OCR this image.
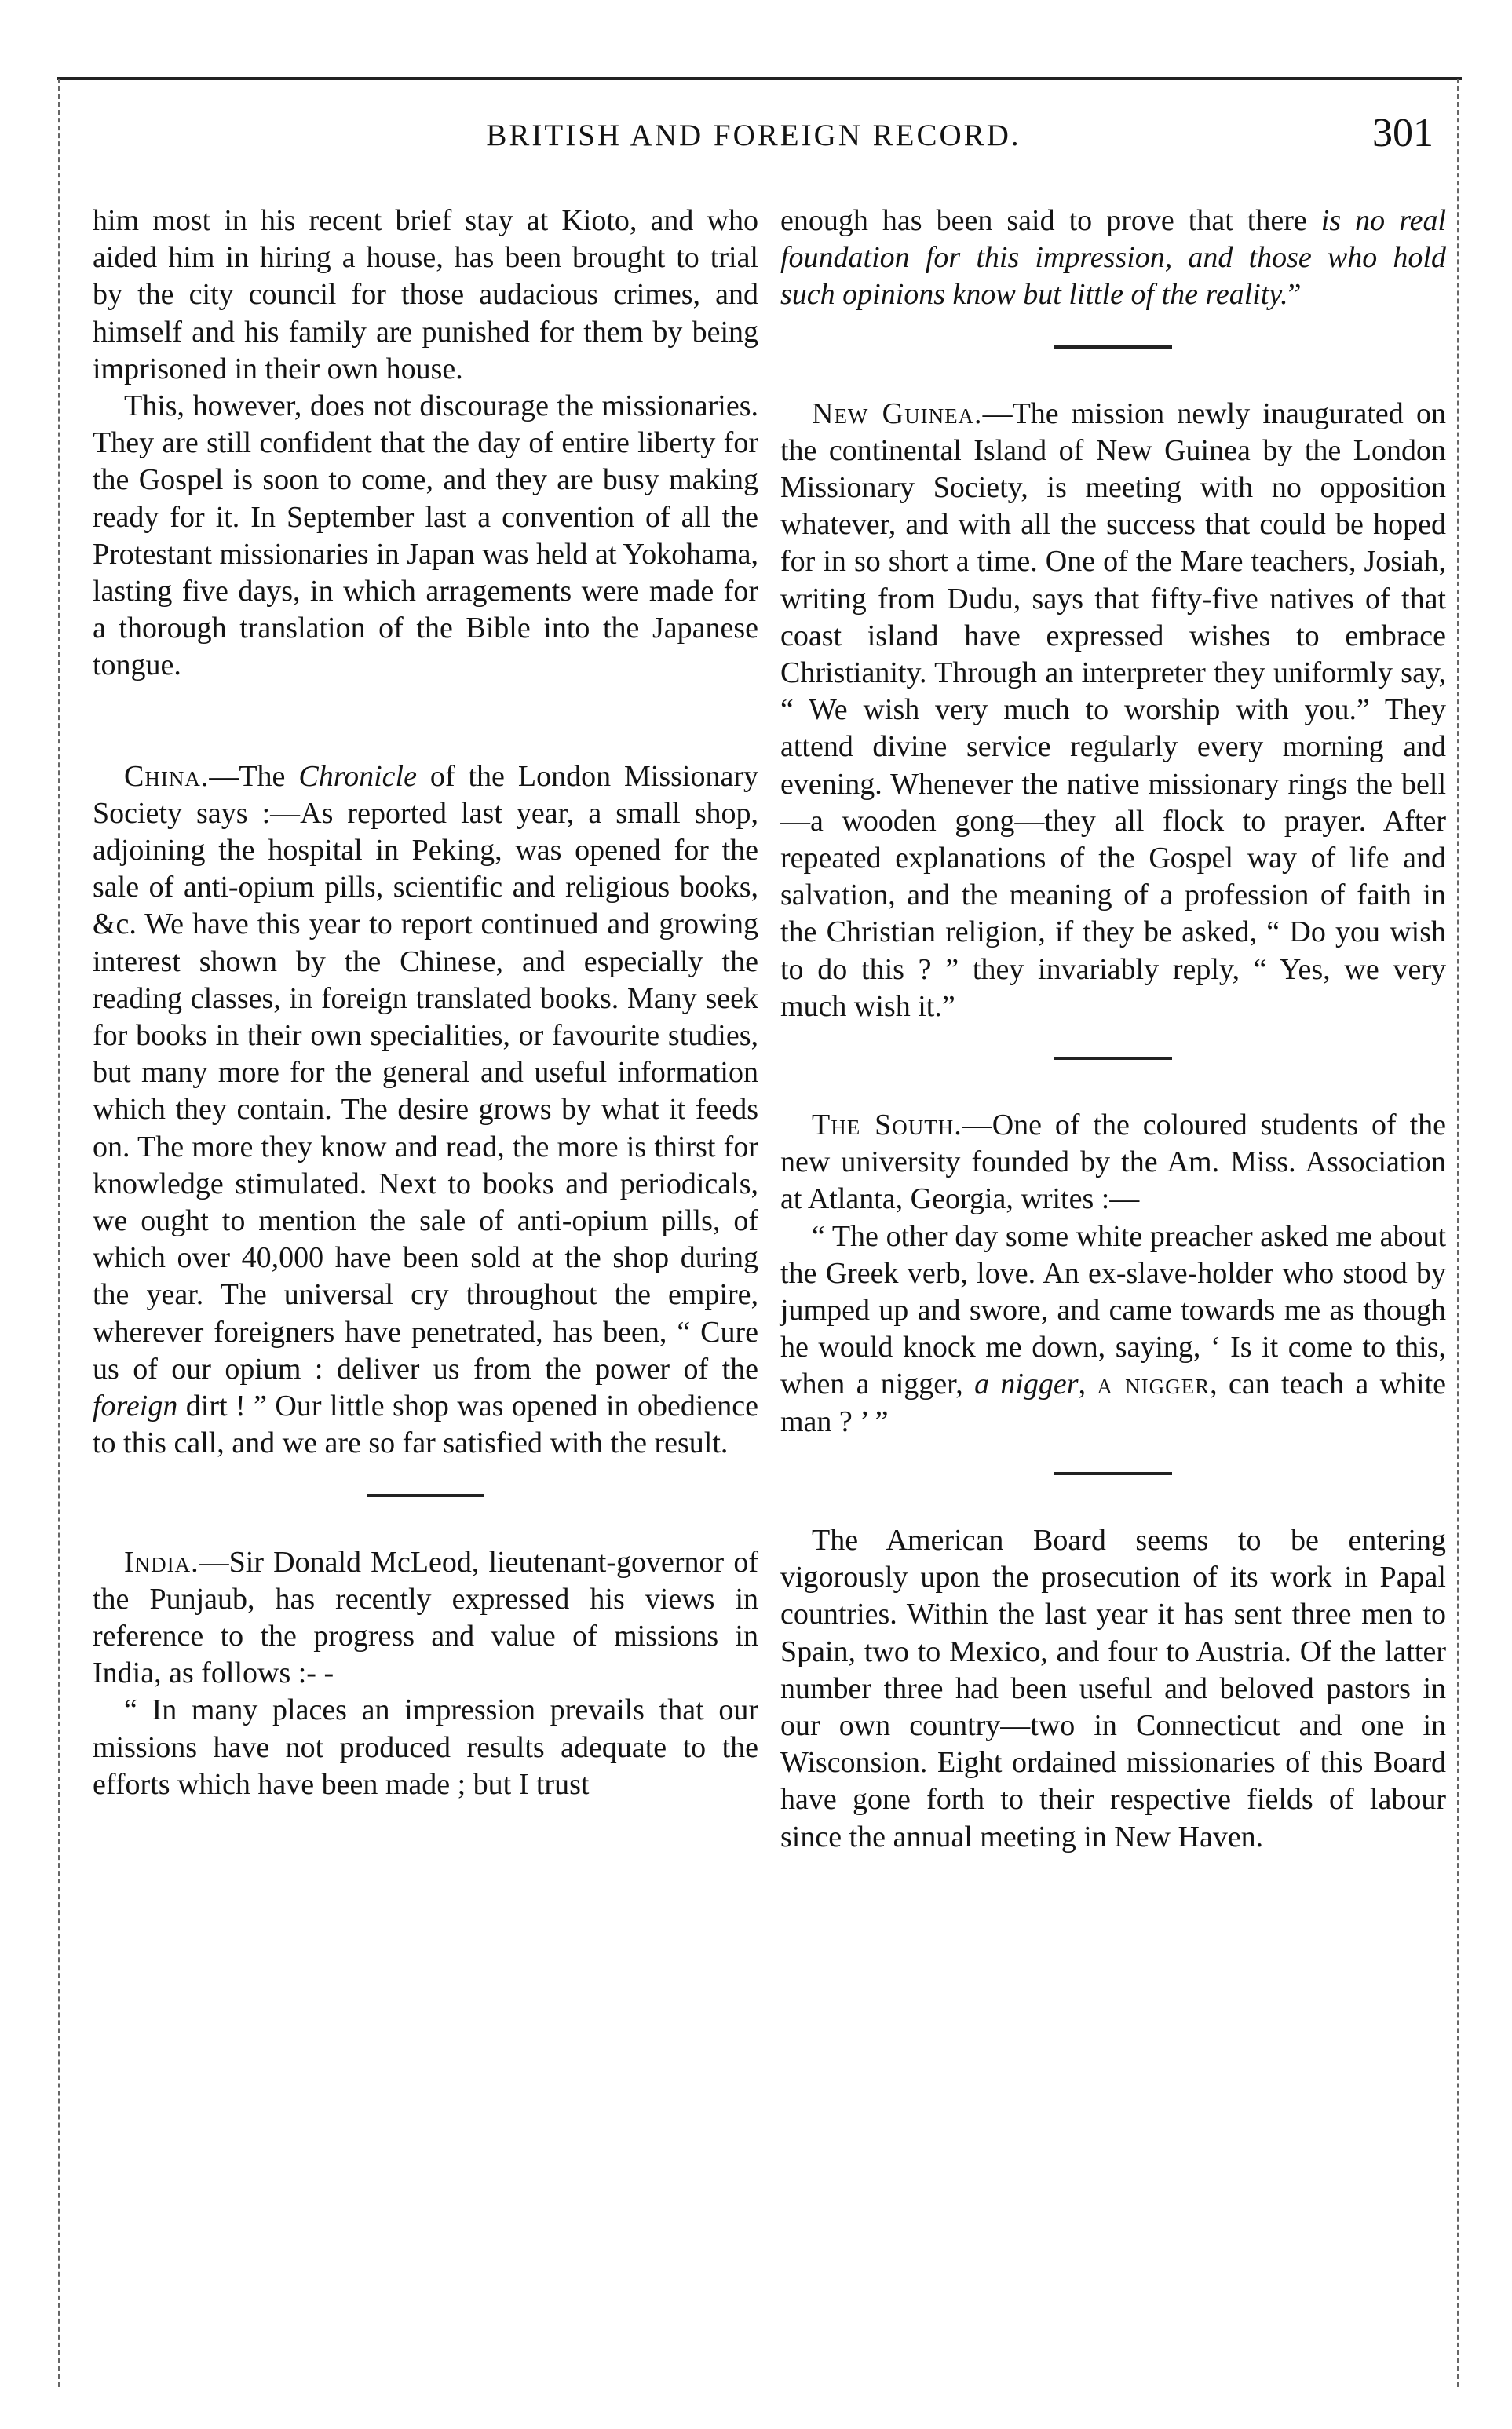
BRITISH AND FOREIGN RECORD.	301

him most in his recent brief stay at Kioto, and who aided him in hiring a house, has been brought to trial by the city council for those audacious crimes, and himself and his family are punished for them by being imprisoned in their own house.

This, however, does not discourage the missionaries. They are still confident that the day of entire liberty for the Gospel is soon to come, and they are busy making ready for it. In September last a convention of all the Protestant missionaries in Japan was held at Yokohama, lasting five days, in which arragements were made for a thorough translation of the Bible into the Japanese tongue.

China.—The Chronicle of the London Missionary Society says :—As reported last year, a small shop, adjoining the hospital in Peking, was opened for the sale of anti-opium pills, scientific and religious books, &c. We have this year to report continued and growing interest shown by the Chinese, and especially the reading classes, in foreign translated books. Many seek for books in their own specialities, or favourite studies, but many more for the general and useful information which they contain. The desire grows by what it feeds on. The more they know and read, the more is thirst for knowledge stimulated. Next to books and periodicals, we ought to mention the sale of anti-opium pills, of which over 40,000 have been sold at the shop during the year. The universal cry throughout the empire, wherever foreigners have penetrated, has been, “ Cure us of our opium : deliver us from the power of the foreign dirt ! ” Our little shop was opened in obedience to this call, and we are so far satisfied with the result.

India.—Sir Donald McLeod, lieutenant-governor of the Punjaub, has recently expressed his views in reference to the progress and value of missions in India, as follows :- -

“ In many places an impression prevails that our missions have not produced results adequate to the efforts which have been made ; but I trust

enough has been said to prove that there is no real foundation for this impression, and those who hold such opinions know but little of the reality.”

New Guinea.—The mission newly inaugurated on the continental Island of New Guinea by the London Missionary Society, is meeting with no opposition whatever, and with all the success that could be hoped for in so short a time. One of the Mare teachers, Josiah, writing from Dudu, says that fifty-five natives of that coast island have expressed wishes to embrace Christianity. Through an interpreter they uniformly say, “ We wish very much to worship with you.” They attend divine service regularly every morning and evening. Whenever the native missionary rings the bell—a wooden gong—they all flock to prayer. After repeated explanations of the Gospel way of life and salvation, and the meaning of a profession of faith in the Christian religion, if they be asked, “ Do you wish to do this ? ” they invariably reply, “ Yes, we very much wish it.”

The South.—One of the coloured students of the new university founded by the Am. Miss. Association at Atlanta, Georgia, writes :—

“ The other day some white preacher asked me about the Greek verb, love. An ex-slave-holder who stood by jumped up and swore, and came towards me as though he would knock me down, saying, ‘ Is it come to this, when a nigger, a nigger, a nigger, can teach a white man ? ’ ”

The American Board seems to be entering vigorously upon the prosecution of its work in Papal countries. Within the last year it has sent three men to Spain, two to Mexico, and four to Austria. Of the latter number three had been useful and beloved pastors in our own country—two in Connecticut and one in Wisconsion. Eight ordained missionaries of this Board have gone forth to their respective fields of labour since the annual meeting in New Haven.
